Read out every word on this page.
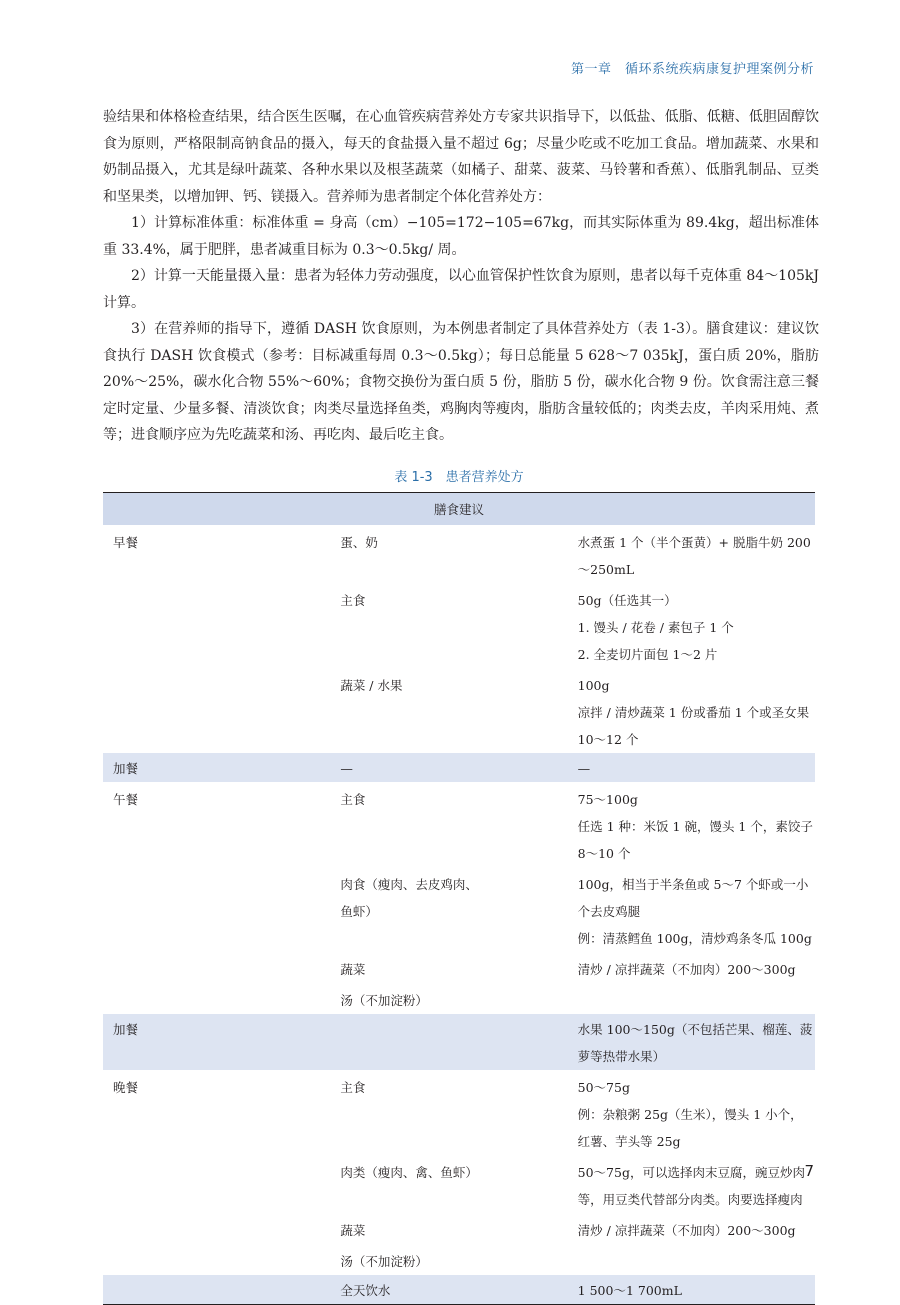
第一章　循环系统疾病康复护理案例分析

验结果和体格检查结果，结合医生医嘱，在心血管疾病营养处方专家共识指导下，以低盐、低脂、低糖、低胆固醇饮食为原则，严格限制高钠食品的摄入，每天的食盐摄入量不超过 6g；尽量少吃或不吃加工食品。增加蔬菜、水果和奶制品摄入，尤其是绿叶蔬菜、各种水果以及根茎蔬菜（如橘子、甜菜、菠菜、马铃薯和香蕉）、低脂乳制品、豆类和坚果类，以增加钾、钙、镁摄入。营养师为患者制定个体化营养处方：

1）计算标准体重：标准体重 = 身高（cm）−105=172−105=67kg，而其实际体重为 89.4kg，超出标准体重 33.4%，属于肥胖，患者减重目标为 0.3～0.5kg/ 周。

2）计算一天能量摄入量：患者为轻体力劳动强度，以心血管保护性饮食为原则，患者以每千克体重 84～105kJ 计算。

3）在营养师的指导下，遵循 DASH 饮食原则，为本例患者制定了具体营养处方（表 1-3）。膳食建议：建议饮食执行 DASH 饮食模式（参考：目标减重每周 0.3～0.5kg）；每日总能量 5 628～7 035kJ，蛋白质 20%，脂肪 20%～25%，碳水化合物 55%～60%；食物交换份为蛋白质 5 份，脂肪 5 份，碳水化合物 9 份。饮食需注意三餐定时定量、少量多餐、清淡饮食；肉类尽量选择鱼类，鸡胸肉等瘦肉，脂肪含量较低的；肉类去皮，羊肉采用炖、煮等；进食顺序应为先吃蔬菜和汤、再吃肉、最后吃主食。

表 1-3　患者营养处方
膳食建议		

早餐	蛋、奶	水煮蛋 1 个（半个蛋黄）+ 脱脂牛奶 200～250mL

	主食	50g（任选其一）
1. 馒头 / 花卷 / 素包子 1 个
2. 全麦切片面包 1～2 片

	蔬菜 / 水果	100g
凉拌 / 清炒蔬菜 1 份或番茄 1 个或圣女果 10～12 个

加餐	—	—

午餐	主食	75～100g
任选 1 种：米饭 1 碗，馒头 1 个，素饺子 8～10 个

	肉食（瘦肉、去皮鸡肉、鱼虾）	100g，相当于半条鱼或 5～7 个虾或一小个去皮鸡腿
例：清蒸鳕鱼 100g，清炒鸡条冬瓜 100g

	蔬菜	清炒 / 凉拌蔬菜（不加肉）200～300g

	汤（不加淀粉）	

加餐		水果 100～150g（不包括芒果、榴莲、菠萝等热带水果）

晚餐	主食	50～75g
例：杂粮粥 25g（生米），馒头 1 小个，红薯、芋头等 25g

	肉类（瘦肉、禽、鱼虾）	50～75g，可以选择肉末豆腐，豌豆炒肉等，用豆类代替部分肉类。肉要选择瘦肉

	蔬菜	清炒 / 凉拌蔬菜（不加肉）200～300g

	汤（不加淀粉）	

	全天饮水	1 500～1 700mL
7
